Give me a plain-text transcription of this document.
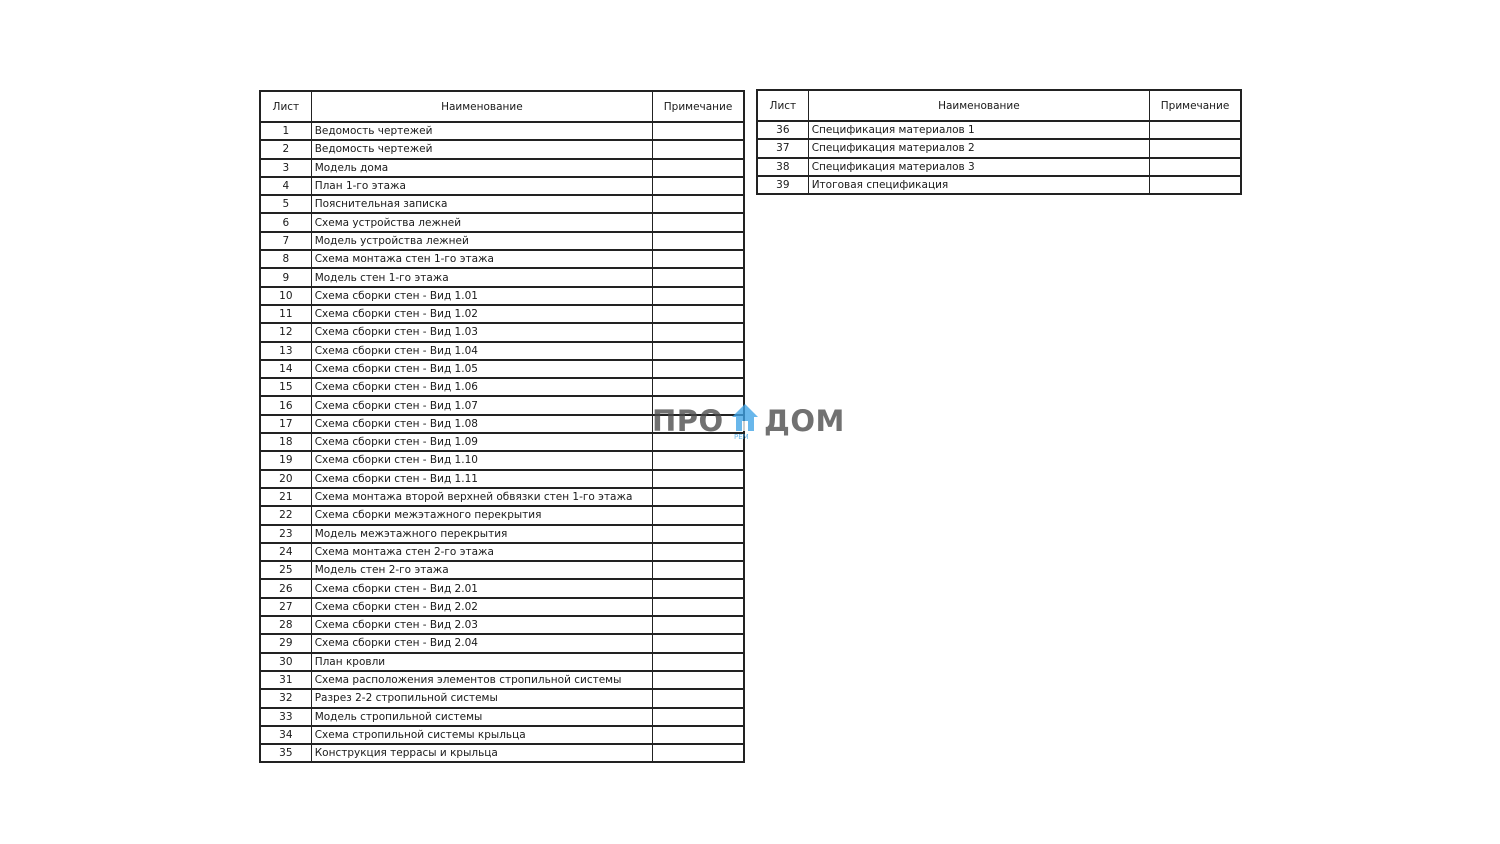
Лист	Наименование	Примечание
1	Ведомость чертежей	
2	Ведомость чертежей	
3	Модель дома	
4	План 1-го этажа	
5	Пояснительная записка	
6	Схема устройства лежней	
7	Модель устройства лежней	
8	Схема монтажа стен 1-го этажа	
9	Модель стен 1-го этажа	
10	Схема сборки стен - Вид 1.01	
11	Схема сборки стен - Вид 1.02	
12	Схема сборки стен - Вид 1.03	
13	Схема сборки стен - Вид 1.04	
14	Схема сборки стен - Вид 1.05	
15	Схема сборки стен - Вид 1.06	
16	Схема сборки стен - Вид 1.07	
17	Схема сборки стен - Вид 1.08	
18	Схема сборки стен - Вид 1.09	
19	Схема сборки стен - Вид 1.10	
20	Схема сборки стен - Вид 1.11	
21	Схема монтажа второй верхней обвязки стен 1-го этажа	
22	Схема сборки межэтажного перекрытия	
23	Модель межэтажного перекрытия	
24	Схема монтажа стен 2-го этажа	
25	Модель стен 2-го этажа	
26	Схема сборки стен - Вид 2.01	
27	Схема сборки стен - Вид 2.02	
28	Схема сборки стен - Вид 2.03	
29	Схема сборки стен - Вид 2.04	
30	План кровли	
31	Схема расположения элементов стропильной системы	
32	Разрез 2-2 стропильной системы	
33	Модель стропильной системы	
34	Схема стропильной системы крыльца	
35	Конструкция террасы и крыльца	
Лист	Наименование	Примечание
36	Спецификация материалов 1	
37	Спецификация материалов 2	
38	Спецификация материалов 3	
39	Итоговая спецификация	
ПРО ДОМ
РЕМ
